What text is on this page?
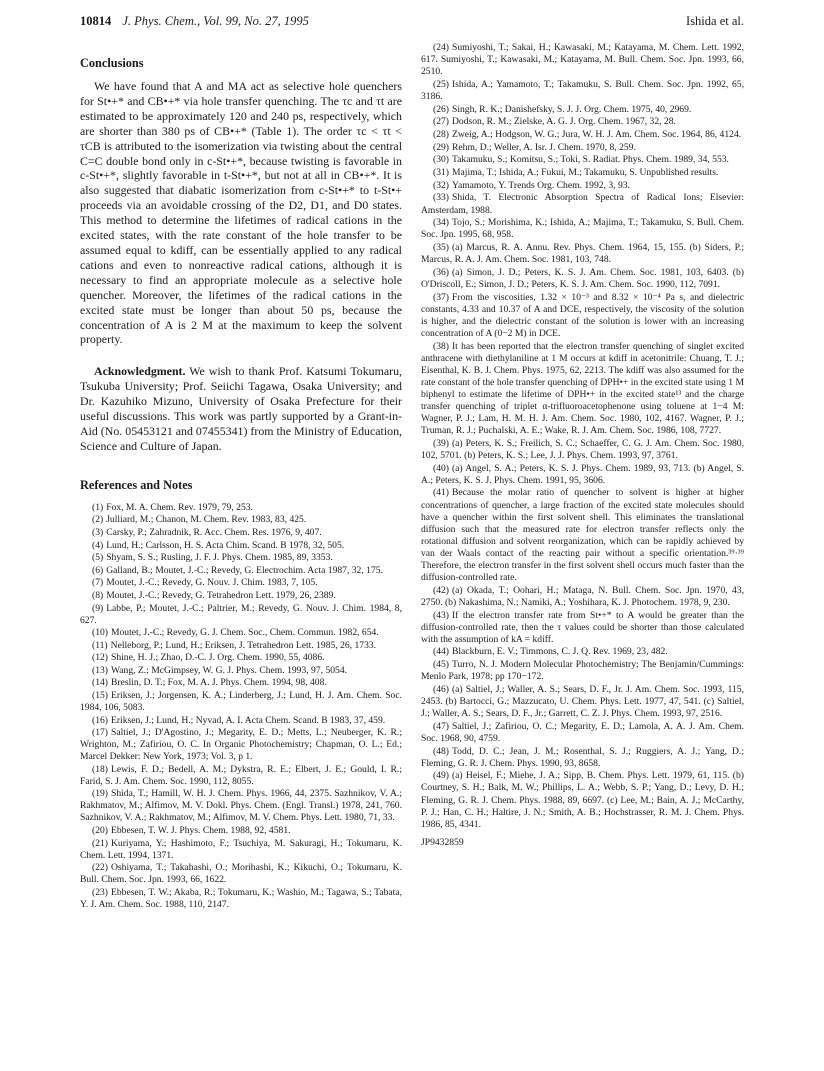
10814 J. Phys. Chem., Vol. 99, No. 27, 1995	Ishida et al.
Conclusions

We have found that A and MA act as selective hole quenchers for St•+* and CB•+* via hole transfer quenching. The τc and τt are estimated to be approximately 120 and 240 ps, respectively, which are shorter than 380 ps of CB•+* (Table 1). The order τc < τt < τCB is attributed to the isomerization via twisting about the central C=C double bond only in c-St•+*, because twisting is favorable in c-St•+*, slightly favorable in t-St•+*, but not at all in CB•+*. It is also suggested that diabatic isomerization from c-St•+* to t-St•+ proceeds via an avoidable crossing of the D2, D1, and D0 states. This method to determine the lifetimes of radical cations in the excited states, with the rate constant of the hole transfer to be assumed equal to kdiff, can be essentially applied to any radical cations and even to nonreactive radical cations, although it is necessary to find an appropriate molecule as a selective hole quencher. Moreover, the lifetimes of the radical cations in the excited state must be longer than about 50 ps, because the concentration of A is 2 M at the maximum to keep the solvent property.

Acknowledgment. We wish to thank Prof. Katsumi Tokumaru, Tsukuba University; Prof. Seiichi Tagawa, Osaka University; and Dr. Kazuhiko Mizuno, University of Osaka Prefecture for their useful discussions. This work was partly supported by a Grant-in-Aid (No. 05453121 and 07455341) from the Ministry of Education, Science and Culture of Japan.

References and Notes
(1) Fox, M. A. Chem. Rev. 1979, 79, 253.
(2) Julliard, M.; Chanon, M. Chem. Rev. 1983, 83, 425.
(3) Carsky, P.; Zahradnik, R. Acc. Chem. Res. 1976, 9, 407.
(4) Lund, H.; Carlsson, H. S. Acta Chim. Scand. B 1978, 32, 505.
(5) Shyam, S. S.; Rusling, J. F. J. Phys. Chem. 1985, 89, 3353.
(6) Galland, B.; Moutet, J.-C.; Revedy, G. Electrochim. Acta 1987, 32, 175.
(7) Moutet, J.-C.; Revedy, G. Nouv. J. Chim. 1983, 7, 105.
(8) Moutet, J.-C.; Revedy, G. Tetrahedron Lett. 1979, 26, 2389.
(9) Labbe, P.; Moutet, J.-C.; Paltrier, M.; Revedy, G. Nouv. J. Chim. 1984, 8, 627.
(10) Moutet, J.-C.; Revedy, G. J. Chem. Soc., Chem. Commun. 1982, 654.
(11) Nelleborg, P.; Lund, H.; Eriksen, J. Tetrahedron Lett. 1985, 26, 1733.
(12) Shine, H. J.; Zhao, D.-C. J. Org. Chem. 1990, 55, 4086.
(13) Wang, Z.; McGimpsey, W. G. J. Phys. Chem. 1993, 97, 5054.
(14) Breslin, D. T.; Fox, M. A. J. Phys. Chem. 1994, 98, 408.
(15) Eriksen, J.; Jorgensen, K. A.; Linderberg, J.; Lund, H. J. Am. Chem. Soc. 1984, 106, 5083.
(16) Eriksen, J.; Lund, H.; Nyvad, A. I. Acta Chem. Scand. B 1983, 37, 459.
(17) Saltiel, J.; D'Agostino, J.; Megarity, E. D.; Metts, L.; Neuberger, K. R.; Wrighton, M.; Zafiriou, O. C. In Organic Photochemistry; Chapman, O. L.; Ed.; Marcel Dekker: New York, 1973; Vol. 3, p 1.
(18) Lewis, F. D.; Bedell, A. M.; Dykstra, R. E.; Elbert, J. E.; Gould, I. R.; Farid, S. J. Am. Chem. Soc. 1990, 112, 8055.
(19) Shida, T.; Hamill, W. H. J. Chem. Phys. 1966, 44, 2375. Sazhnikov, V. A.; Rakhmatov, M.; Alfimov, M. V. Dokl. Phys. Chem. (Engl. Transl.) 1978, 241, 760. Sazhnikov, V. A.; Rakhmatov, M.; Alfimov, M. V. Chem. Phys. Lett. 1980, 71, 33.
(20) Ebbesen, T. W. J. Phys. Chem. 1988, 92, 4581.
(21) Kuriyama, Y.; Hashimoto, F.; Tsuchiya, M. Sakuragi, H.; Tokumaru, K. Chem. Lett. 1994, 1371.
(22) Oshiyama, T.; Takahashi, O.; Morihashi, K.; Kikuchi, O.; Tokumaru, K. Bull. Chem. Soc. Jpn. 1993, 66, 1622.
(23) Ebbesen, T. W.; Akaba, R.; Tokumaru, K.; Washio, M.; Tagawa, S.; Tabata, Y. J. Am. Chem. Soc. 1988, 110, 2147.
(24) Sumiyoshi, T.; Sakai, H.; Kawasaki, M.; Katayama, M. Chem. Lett. 1992, 617. Sumiyoshi, T.; Kawasaki, M.; Katayama, M. Bull. Chem. Soc. Jpn. 1993, 66, 2510.
(25) Ishida, A.; Yamamoto, T.; Takamuku, S. Bull. Chem. Soc. Jpn. 1992, 65, 3186.
(26) Singh, R. K.; Danishefsky, S. J. J. Org. Chem. 1975, 40, 2969.
(27) Dodson, R. M.; Zielske, A. G. J. Org. Chem. 1967, 32, 28.
(28) Zweig, A.; Hodgson, W. G.; Jura, W. H. J. Am. Chem. Soc. 1964, 86, 4124.
(29) Rehm, D.; Weller, A. Isr. J. Chem. 1970, 8, 259.
(30) Takamuku, S.; Komitsu, S.; Toki, S. Radiat. Phys. Chem. 1989, 34, 553.
(31) Majima, T.; Ishida, A.; Fukui, M.; Takamuku, S. Unpublished results.
(32) Yamamoto, Y. Trends Org. Chem. 1992, 3, 93.
(33) Shida, T. Electronic Absorption Spectra of Radical Ions; Elsevier: Amsterdam, 1988.
(34) Tojo, S.; Morishima, K.; Ishida, A.; Majima, T.; Takamuku, S. Bull. Chem. Soc. Jpn. 1995, 68, 958.
(35) (a) Marcus, R. A. Annu. Rev. Phys. Chem. 1964, 15, 155. (b) Siders, P.; Marcus, R. A. J. Am. Chem. Soc. 1981, 103, 748.
(36) (a) Simon, J. D.; Peters, K. S. J. Am. Chem. Soc. 1981, 103, 6403. (b) O'Driscoll, E.; Simon, J. D.; Peters, K. S. J. Am. Chem. Soc. 1990, 112, 7091.
(37) From the viscosities, 1.32 × 10⁻³ and 8.32 × 10⁻⁴ Pa s, and dielectric constants, 4.33 and 10.37 of A and DCE, respectively, the viscosity of the solution is higher, and the dielectric constant of the solution is lower with an increasing concentration of A (0−2 M) in DCE.
(38) It has been reported that the electron transfer quenching of singlet excited anthracene with diethylaniline at 1 M occurs at kdiff in acetonitrile: Chuang, T. J.; Eisenthal, K. B. J. Chem. Phys. 1975, 62, 2213. The kdiff was also assumed for the rate constant of the hole transfer quenching of DPH•+ in the excited state using 1 M biphenyl to estimate the lifetime of DPH•+ in the excited state¹³ and the charge transfer quenching of triplet α-trifluoroacetophenone using toluene at 1−4 M: Wagner, P. J.; Lam, H. M. H. J. Am. Chem. Soc. 1980, 102, 4167. Wagner, P. J.; Truman, R. J.; Puchalski, A. E.; Wake, R. J. Am. Chem. Soc. 1986, 108, 7727.
(39) (a) Peters, K. S.; Freilich, S. C.; Schaeffer, C. G. J. Am. Chem. Soc. 1980, 102, 5701. (b) Peters, K. S.; Lee, J. J. Phys. Chem. 1993, 97, 3761.
(40) (a) Angel, S. A.; Peters, K. S. J. Phys. Chem. 1989, 93, 713. (b) Angel, S. A.; Peters, K. S. J. Phys. Chem. 1991, 95, 3606.
(41) Because the molar ratio of quencher to solvent is higher at higher concentrations of quencher, a large fraction of the excited state molecules should have a quencher within the first solvent shell. This eliminates the translational diffusion such that the measured rate for electron transfer reflects only the rotational diffusion and solvent reorganization, which can be rapidly achieved by van der Waals contact of the reacting pair without a specific orientation.³⁹·³⁹ Therefore, the electron transfer in the first solvent shell occurs much faster than the diffusion-controlled rate.
(42) (a) Okada, T.; Oohari, H.; Mataga, N. Bull. Chem. Soc. Jpn. 1970, 43, 2750. (b) Nakashima, N.; Namiki, A.; Yoshihara, K. J. Photochem. 1978, 9, 230.
(43) If the electron transfer rate from St•+* to A would be greater than the diffusion-controlled rate, then the τ values could be shorter than those calculated with the assumption of kA = kdiff.
(44) Blackburn, E. V.; Timmons, C. J. Q. Rev. 1969, 23, 482.
(45) Turro, N. J. Modern Molecular Photochemistry; The Benjamin/Cummings: Menlo Park, 1978; pp 170−172.
(46) (a) Saltiel, J.; Waller, A. S.; Sears, D. F., Jr. J. Am. Chem. Soc. 1993, 115, 2453. (b) Bartocci, G.; Mazzucato, U. Chem. Phys. Lett. 1977, 47, 541. (c) Saltiel, J.; Waller, A. S.; Sears, D. F., Jr.; Garrett, C. Z. J. Phys. Chem. 1993, 97, 2516.
(47) Saltiel, J.; Zafiriou, O. C.; Megarity, E. D.; Lamola, A. A. J. Am. Chem. Soc. 1968, 90, 4759.
(48) Todd, D. C.; Jean, J. M.; Rosenthal, S. J.; Ruggiers, A. J.; Yang, D.; Fleming, G. R. J. Chem. Phys. 1990, 93, 8658.
(49) (a) Heisel, F.; Miehe, J. A.; Sipp, B. Chem. Phys. Lett. 1979, 61, 115. (b) Courtney, S. H.; Balk, M. W.; Phillips, L. A.; Webb, S. P.; Yang, D.; Levy, D. H.; Fleming, G. R. J. Chem. Phys. 1988, 89, 6697. (c) Lee, M.; Bain, A. J.; McCarthy, P. J.; Han, C. H.; Haltire, J. N.; Smith, A. B.; Hochstrasser, R. M. J. Chem. Phys. 1986, 85, 4341.
JP9432859
